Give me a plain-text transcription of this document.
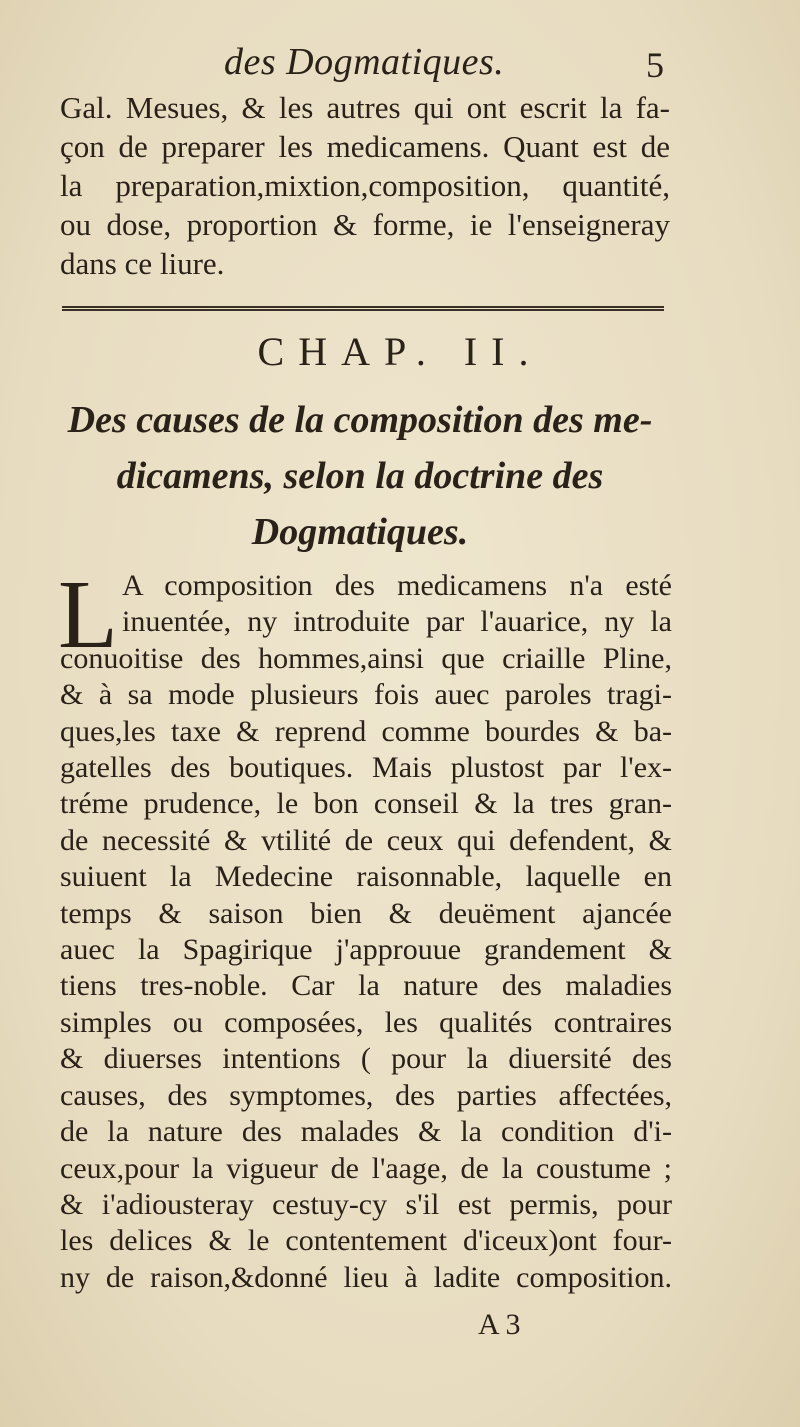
des Dogmatiques.	5
Gal. Mesues, & les autres qui ont escrit la fa-
çon de preparer les medicamens. Quant est de
la preparation,mixtion,composition, quantité,
ou dose, proportion & forme, ie l'enseigneray
dans ce liure.
CHAP. II.
Des causes de la composition des me-
dicamens, selon la doctrine des
Dogmatiques.
L A composition des medicamens n'a esté
inuentée, ny introduite par l'auarice, ny la
conuoitise des hommes,ainsi que criaille Pline,
& à sa mode plusieurs fois auec paroles tragi-
ques,les taxe & reprend comme bourdes & ba-
gatelles des boutiques. Mais plustost par l'ex-
tréme prudence, le bon conseil & la tres gran-
de necessité & vtilité de ceux qui defendent, &
suiuent la Medecine raisonnable, laquelle en
temps & saison bien & deuëment ajancée
auec la Spagirique j'approuue grandement &
tiens tres-noble. Car la nature des maladies
simples ou composées, les qualités contraires
& diuerses intentions ( pour la diuersité des
causes, des symptomes, des parties affectées,
de la nature des malades & la condition d'i-
ceux,pour la vigueur de l'aage, de la coustume ;
& i'adiousteray cestuy-cy s'il est permis, pour
les delices & le contentement d'iceux)ont four-
ny de raison,&donné lieu à ladite composition.
A 3
